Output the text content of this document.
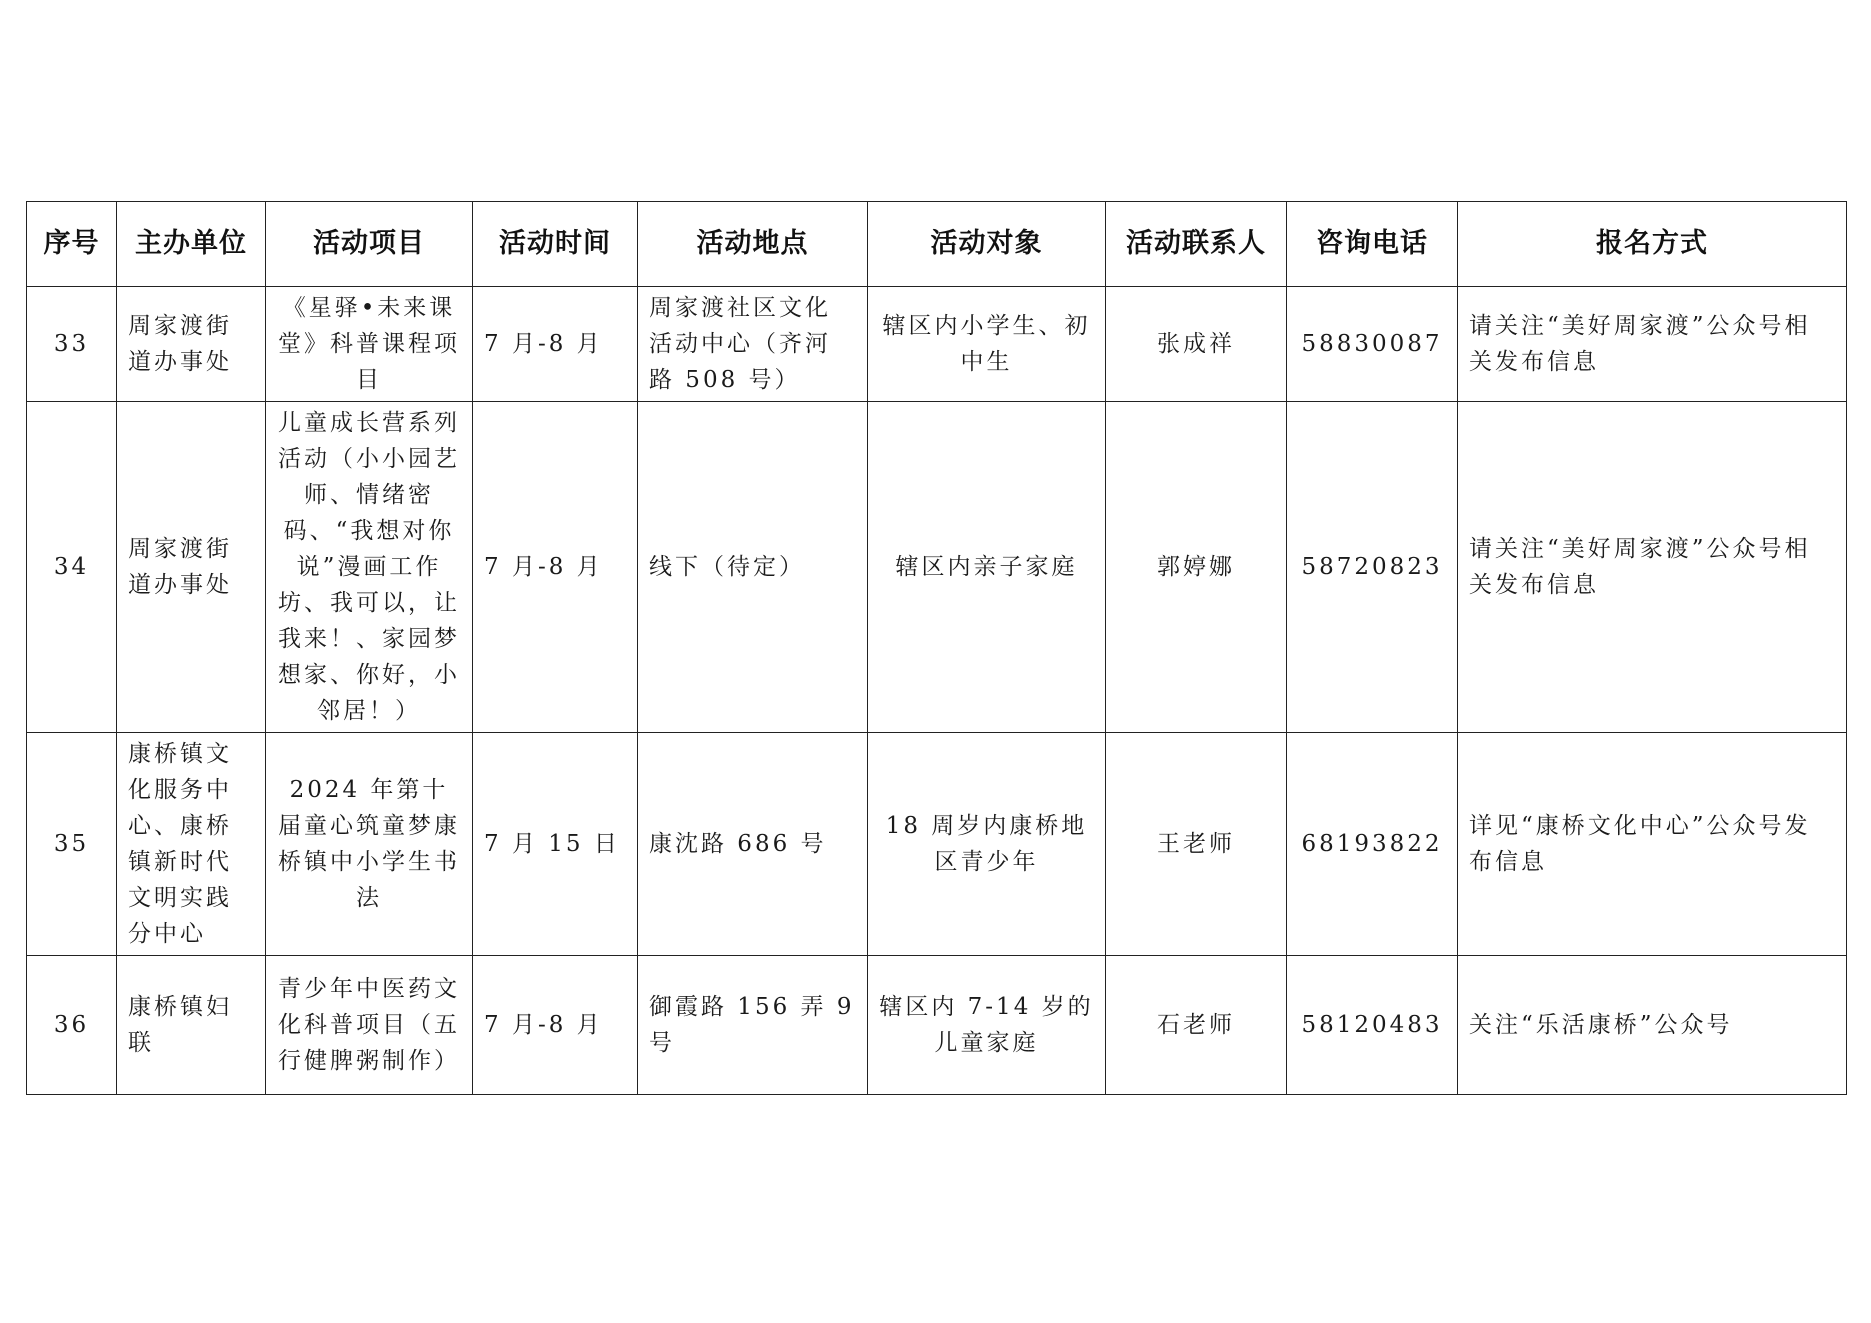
序号	主办单位	活动项目	活动时间	活动地点	活动对象	活动联系人	咨询电话	报名方式
33	周家渡街道办事处	《星驿•未来课堂》科普课程项目	7 月-8 月	周家渡社区文化活动中心（齐河路 508 号）	辖区内小学生、初中生	张成祥	58830087	请关注“美好周家渡”公众号相关发布信息
34	周家渡街道办事处	儿童成长营系列活动（小小园艺师、情绪密码、“我想对你说”漫画工作坊、我可以，让我来！、家园梦想家、你好，小邻居！）	7 月-8 月	线下（待定）	辖区内亲子家庭	郭婷娜	58720823	请关注“美好周家渡”公众号相关发布信息
35	康桥镇文化服务中心、康桥镇新时代文明实践分中心	2024 年第十届童心筑童梦康桥镇中小学生书法	7 月 15 日	康沈路 686 号	18 周岁内康桥地区青少年	王老师	68193822	详见“康桥文化中心”公众号发布信息
36	康桥镇妇联	青少年中医药文化科普项目（五行健脾粥制作）	7 月-8 月	御霞路 156 弄 9 号	辖区内 7-14 岁的儿童家庭	石老师	58120483	关注“乐活康桥”公众号
